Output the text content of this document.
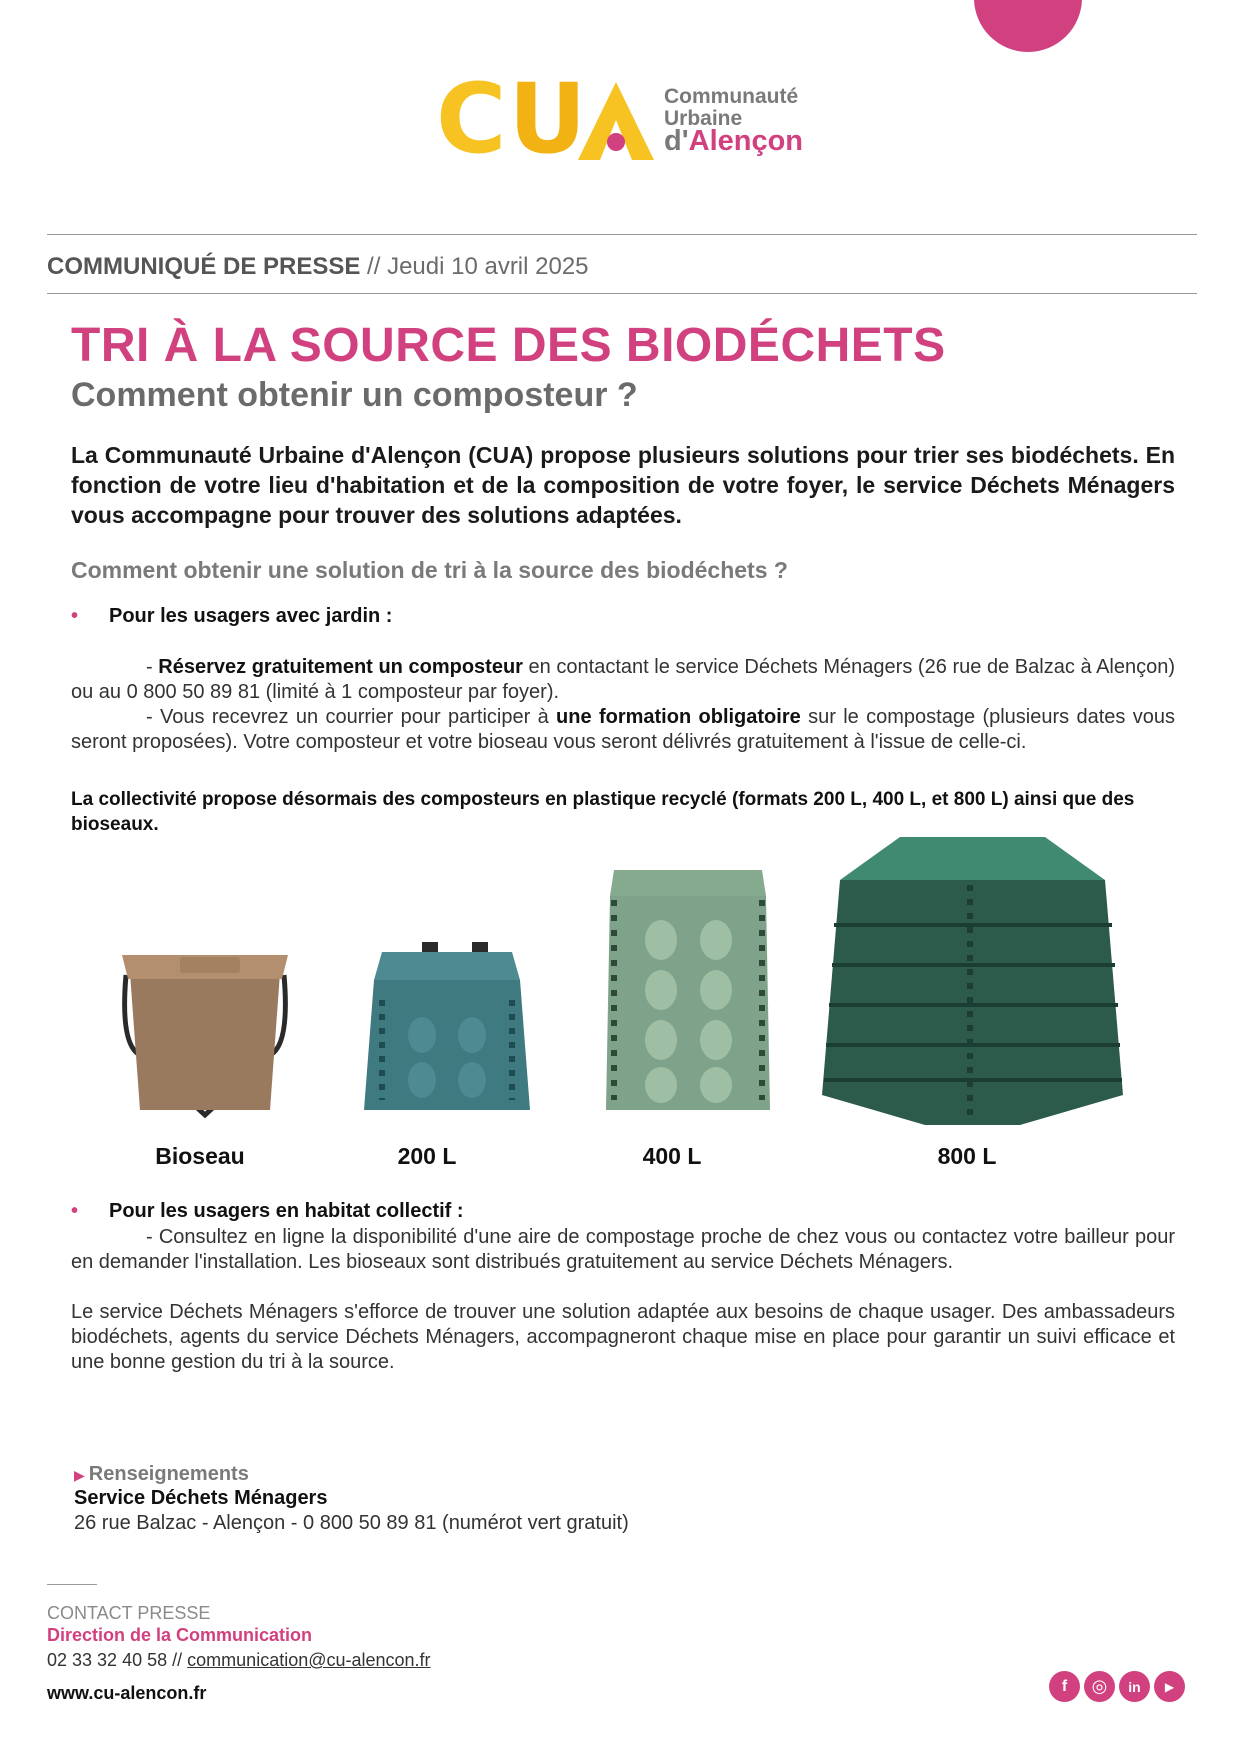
CU	Communauté
Urbaine
d'Alençon
COMMUNIQUÉ DE PRESSE // Jeudi 10 avril 2025
TRI À LA SOURCE DES BIODÉCHETS
Comment obtenir un composteur ?

La Communauté Urbaine d'Alençon (CUA) propose plusieurs solutions pour trier ses biodéchets. En fonction de votre lieu d'habitation et de la composition de votre foyer, le service Déchets Ménagers vous accompagne pour trouver des solutions adaptées.

Comment obtenir une solution de tri à la source des biodéchets ?
• Pour les usagers avec jardin :

- Réservez gratuitement un composteur en contactant le service Déchets Ménagers (26 rue de Balzac à Alençon) ou au 0 800 50 89 81 (limité à 1 composteur par foyer).

- Vous recevrez un courrier pour participer à une formation obligatoire sur le compostage (plusieurs dates vous seront proposées). Votre composteur et votre bioseau vous seront délivrés gratuitement à l'issue de celle-ci.

La collectivité propose désormais des composteurs en plastique recyclé (formats 200 L, 400 L, et 800 L) ainsi que des bioseaux.

Bioseau	200 L	400 L	800 L
• Pour les usagers en habitat collectif :

- Consultez en ligne la disponibilité d'une aire de compostage proche de chez vous ou contactez votre bailleur pour en demander l'installation. Les bioseaux sont distribués gratuitement au service Déchets Ménagers.

Le service Déchets Ménagers s'efforce de trouver une solution adaptée aux besoins de chaque usager. Des ambassadeurs biodéchets, agents du service Déchets Ménagers, accompagneront chaque mise en place pour garantir un suivi efficace et une bonne gestion du tri à la source.

▶ Renseignements
Service Déchets Ménagers
26 rue Balzac - Alençon - 0 800 50 89 81 (numérot vert gratuit)
CONTACT PRESSE
Direction de la Communication
02 33 32 40 58 // communication@cu-alencon.fr
www.cu-alencon.fr	f	◎	in	▶
